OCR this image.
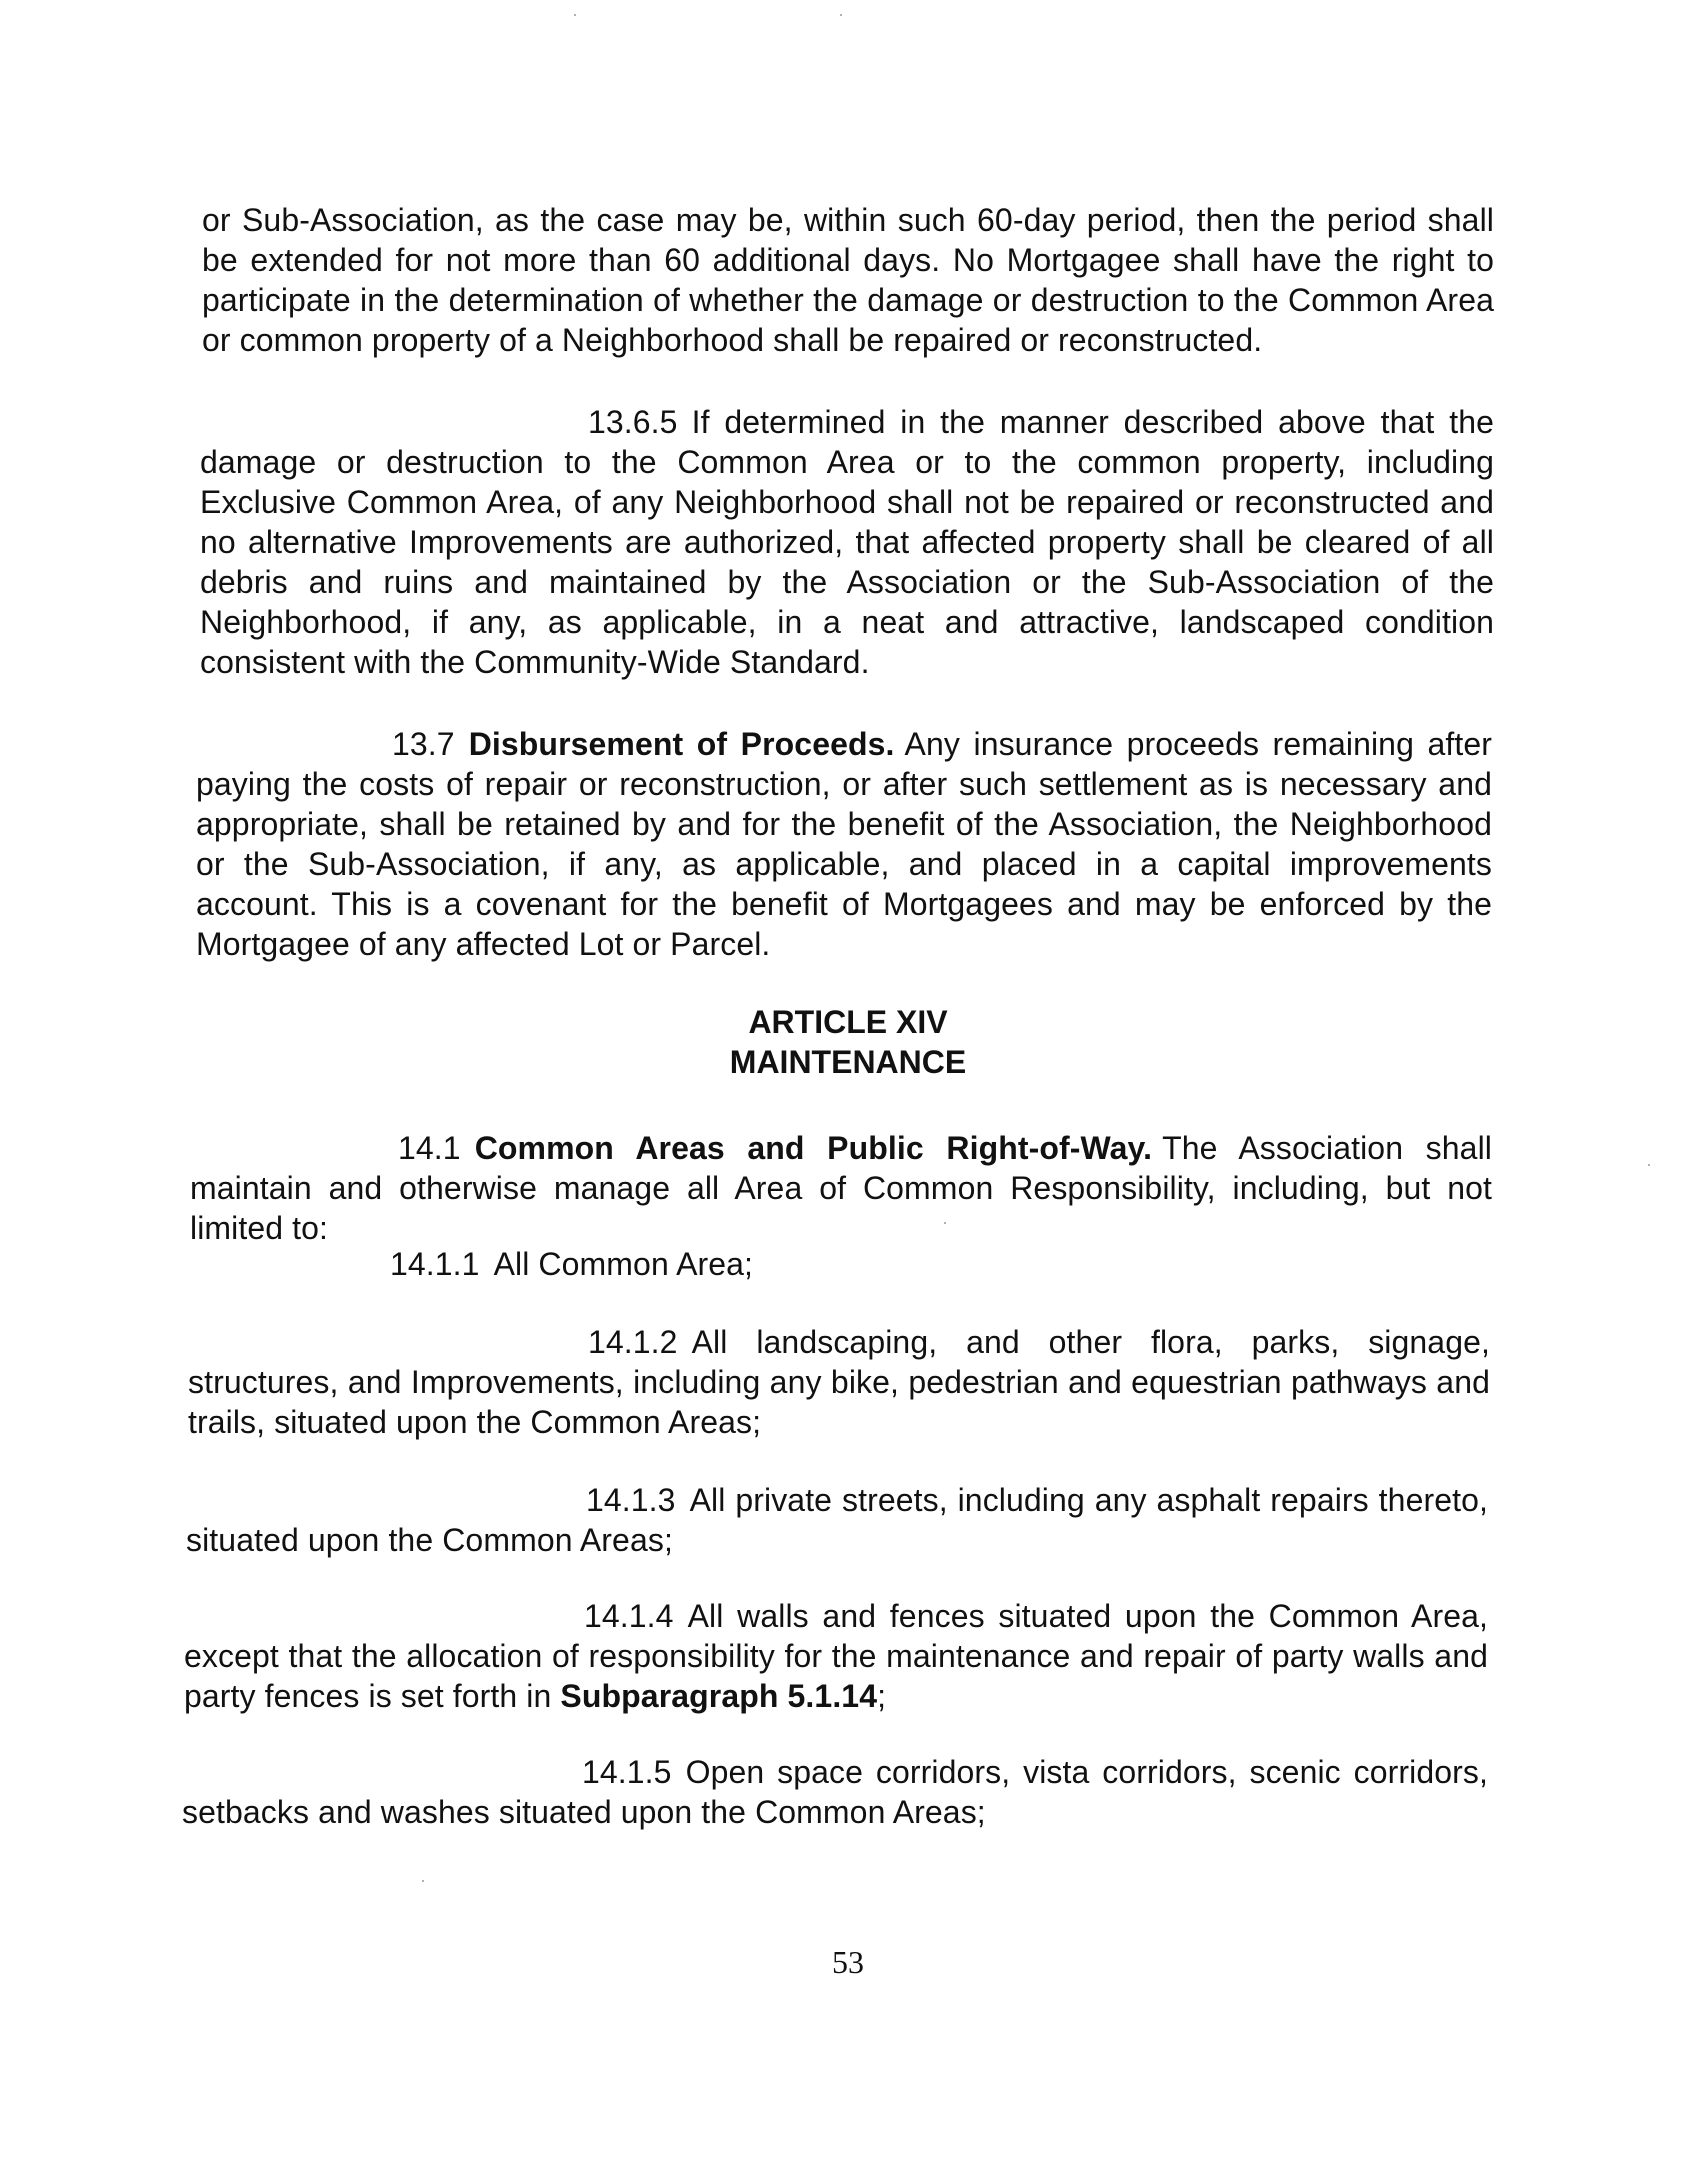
or Sub-Association, as the case may be, within such 60-day period, then the period shall be extended for not more than 60 additional days. No Mortgagee shall have the right to participate in the determination of whether the damage or destruction to the Common Area or common property of a Neighborhood shall be repaired or reconstructed.

13.6.5 If determined in the manner described above that the damage or destruction to the Common Area or to the common property, including Exclusive Common Area, of any Neighborhood shall not be repaired or reconstructed and no alternative Improvements are authorized, that affected property shall be cleared of all debris and ruins and maintained by the Association or the Sub-Association of the Neighborhood, if any, as applicable, in a neat and attractive, landscaped condition consistent with the Community-Wide Standard.

13.7 Disbursement of Proceeds. Any insurance proceeds remaining after paying the costs of repair or reconstruction, or after such settlement as is necessary and appropriate, shall be retained by and for the benefit of the Association, the Neighborhood or the Sub-Association, if any, as applicable, and placed in a capital improvements account. This is a covenant for the benefit of Mortgagees and may be enforced by the Mortgagee of any affected Lot or Parcel.

ARTICLE XIV
MAINTENANCE

14.1 Common Areas and Public Right-of-Way. The Association shall maintain and otherwise manage all Area of Common Responsibility, including, but not limited to:

14.1.1 All Common Area;

14.1.2 All landscaping, and other flora, parks, signage, structures, and Improvements, including any bike, pedestrian and equestrian pathways and trails, situated upon the Common Areas;

14.1.3 All private streets, including any asphalt repairs thereto, situated upon the Common Areas;

14.1.4 All walls and fences situated upon the Common Area, except that the allocation of responsibility for the maintenance and repair of party walls and party fences is set forth in Subparagraph 5.1.14;

14.1.5 Open space corridors, vista corridors, scenic corridors, setbacks and washes situated upon the Common Areas;

53
